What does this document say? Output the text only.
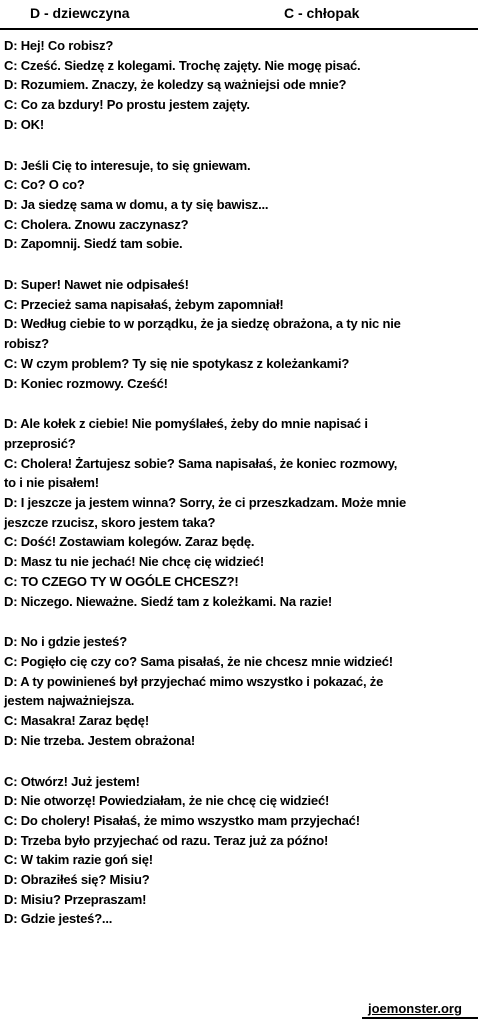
D - dziewczyna	C - chłopak
D: Hej! Co robisz?
C: Cześć. Siedzę z kolegami. Trochę zajęty. Nie mogę pisać.
D: Rozumiem. Znaczy, że koledzy są ważniejsi ode mnie?
C: Co za bzdury! Po prostu jestem zajęty.
D: OK!
D: Jeśli Cię to interesuje, to się gniewam.
C: Co? O co?
D: Ja siedzę sama w domu, a ty się bawisz...
C: Cholera. Znowu zaczynasz?
D: Zapomnij. Siedź tam sobie.
D: Super! Nawet nie odpisałeś!
C: Przecież sama napisałaś, żebym zapomniał!
D: Według ciebie to w porządku, że ja siedzę obrażona, a ty nic nie robisz?
C: W czym problem? Ty się nie spotykasz z koleżankami?
D: Koniec rozmowy. Cześć!
D: Ale kołek z ciebie! Nie pomyślałeś, żeby do mnie napisać i przeprosić?
C: Cholera! Żartujesz sobie? Sama napisałaś, że koniec rozmowy, to i nie pisałem!
D: I jeszcze ja jestem winna? Sorry, że ci przeszkadzam. Może mnie jeszcze rzucisz, skoro jestem taka?
C: Dość! Zostawiam kolegów. Zaraz będę.
D: Masz tu nie jechać! Nie chcę cię widzieć!
C: TO CZEGO TY W OGÓLE CHCESZ?!
D: Niczego. Nieważne. Siedź tam z koleżkami. Na razie!
D: No i gdzie jesteś?
C: Pogięło cię czy co? Sama pisałaś, że nie chcesz mnie widzieć!
D: A ty powinieneś był przyjechać mimo wszystko i pokazać, że jestem najważniejsza.
C: Masakra! Zaraz będę!
D: Nie trzeba. Jestem obrażona!
C: Otwórz! Już jestem!
D: Nie otworzę! Powiedziałam, że nie chcę cię widzieć!
C: Do cholery! Pisałaś, że mimo wszystko mam przyjechać!
D: Trzeba było przyjechać od razu. Teraz już za późno!
C: W takim razie goń się!
D: Obraziłeś się? Misiu?
D: Misiu? Przepraszam!
D: Gdzie jesteś?...
joemonster.org
